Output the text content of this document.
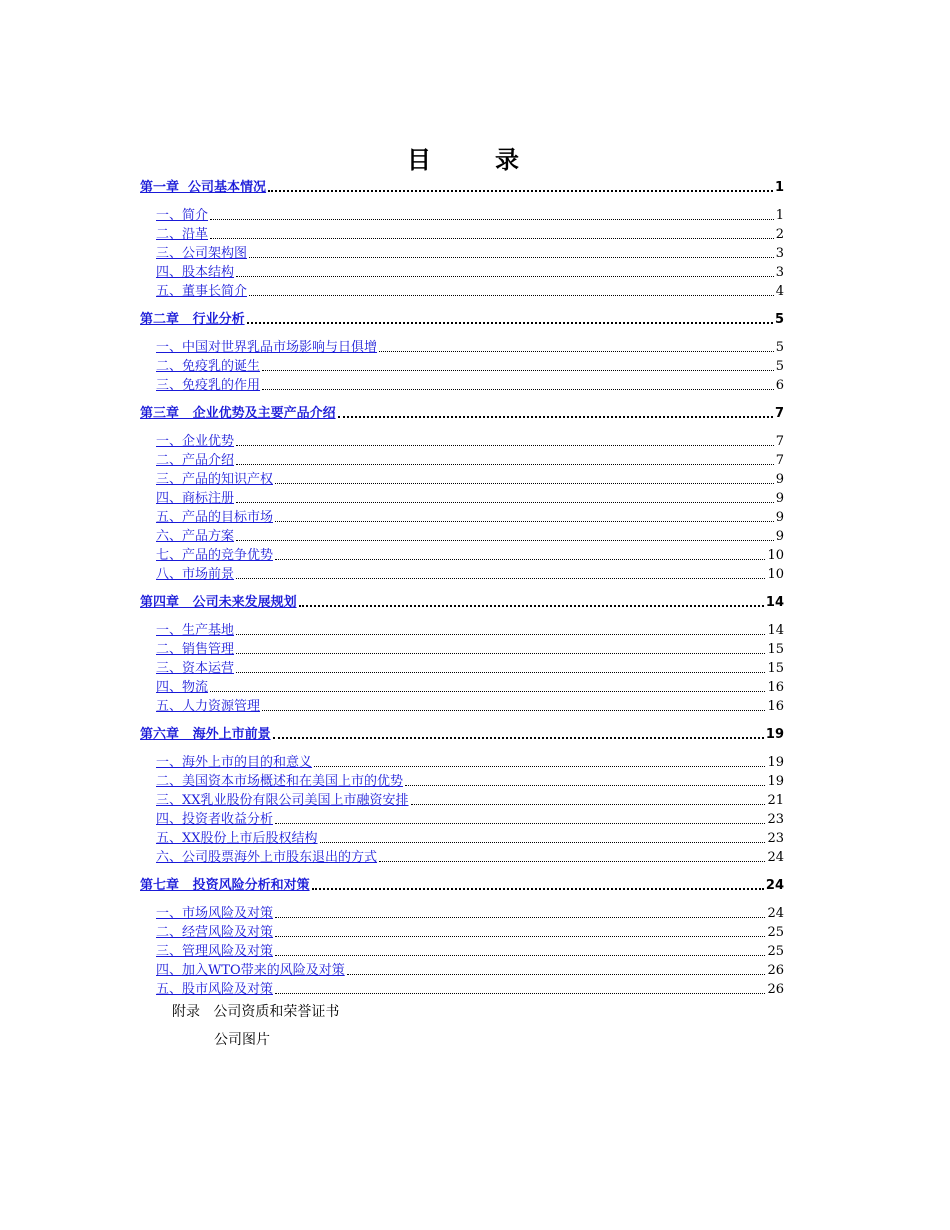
目录
第一章  公司基本情况	1
一、简介	1
二、沿革	2
三、公司架构图	3
四、股本结构	3
五、董事长简介	4
第二章   行业分析	5
一、中国对世界乳品市场影响与日俱增	5
二、免疫乳的诞生	5
三、免疫乳的作用	6
第三章   企业优势及主要产品介绍	7
一、企业优势	7
二、产品介绍	7
三、产品的知识产权	9
四、商标注册	9
五、产品的目标市场	9
六、产品方案	9
七、产品的竞争优势	10
八、市场前景	10
第四章   公司未来发展规划	14
一、生产基地	14
二、销售管理	15
三、资本运营	15
四、物流	16
五、人力资源管理	16
第六章   海外上市前景	19
一、海外上市的目的和意义	19
二、美国资本市场概述和在美国上市的优势	19
三、XX乳业股份有限公司美国上市融资安排	21
四、投资者收益分析	23
五、XX股份上市后股权结构	23
六、公司股票海外上市股东退出的方式	24
第七章   投资风险分析和对策	24
一、市场风险及对策	24
二、经营风险及对策	25
三、管理风险及对策	25
四、加入WTO带来的风险及对策	26
五、股市风险及对策	26
附录   公司资质和荣誉证书
公司图片
